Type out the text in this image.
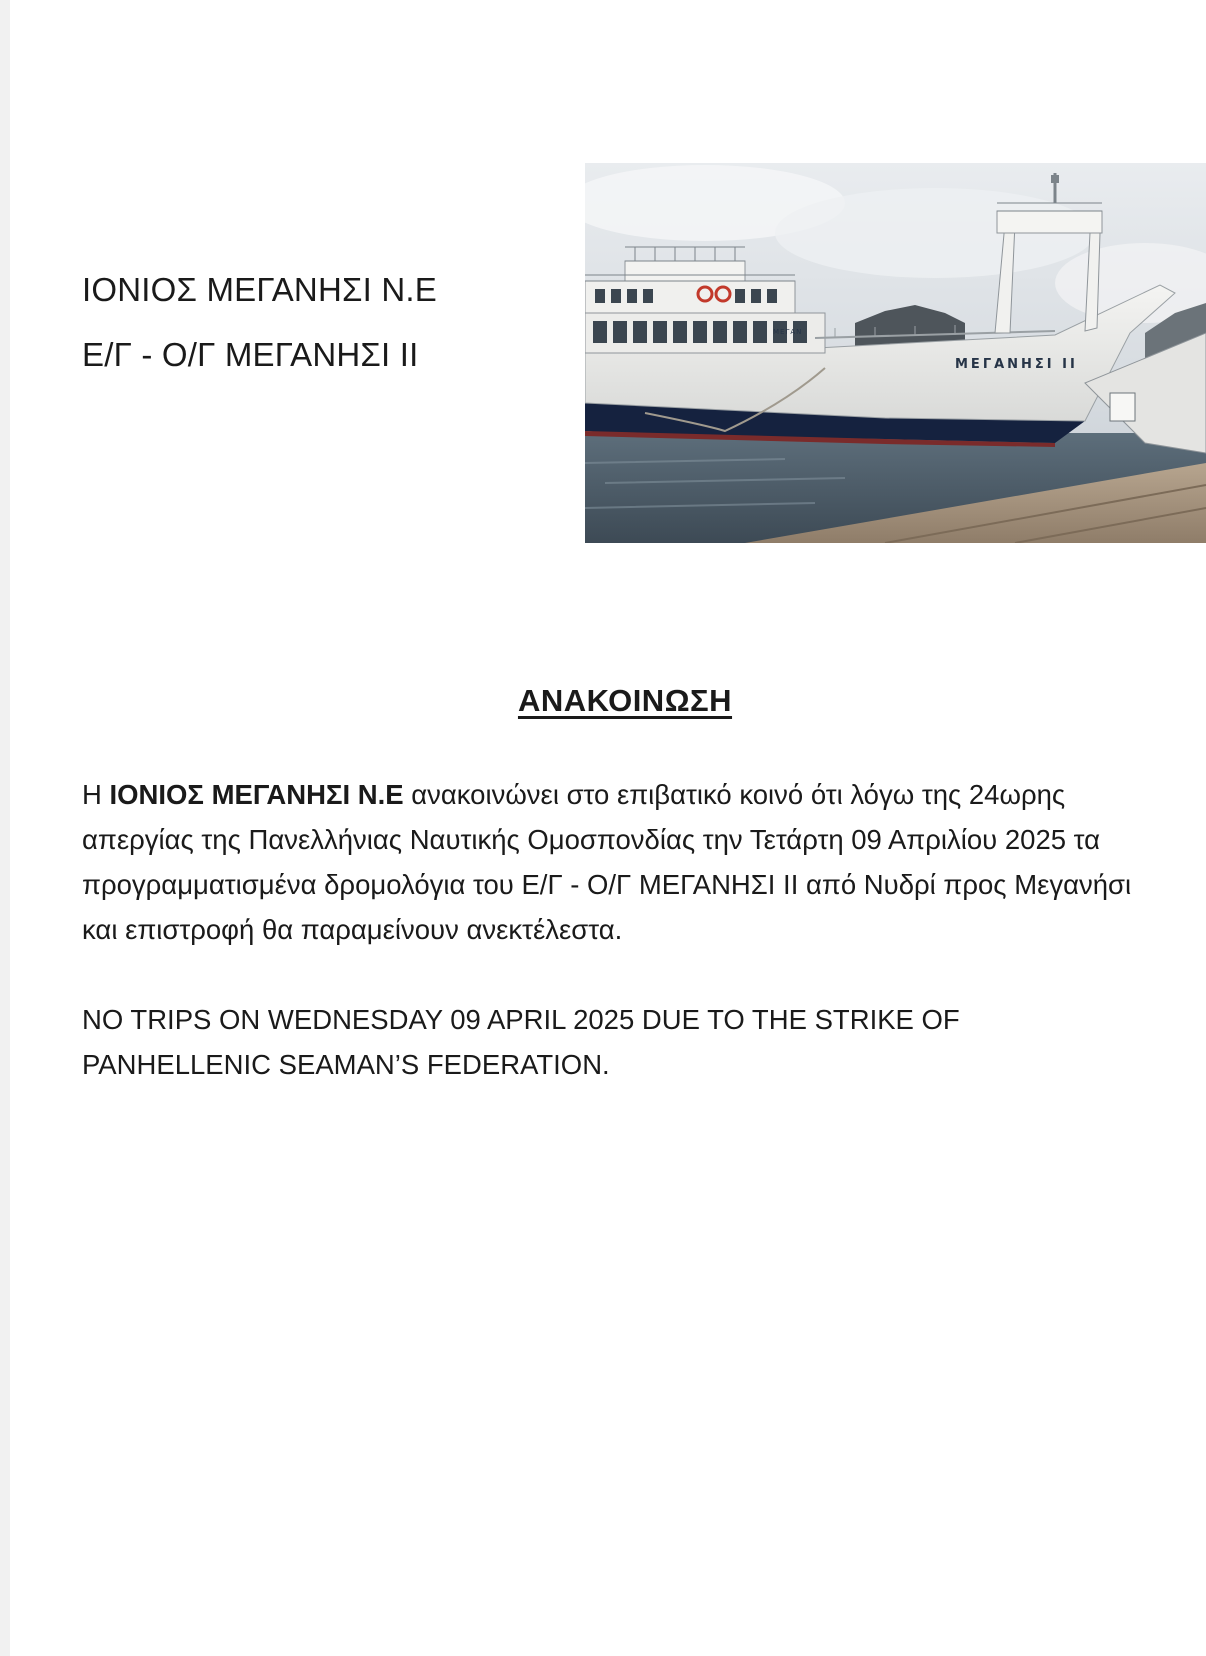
ΙΟΝΙΟΣ ΜΕΓΑΝΗΣΙ Ν.Ε
Ε/Γ - Ο/Γ ΜΕΓΑΝΗΣΙ ΙΙ	ΜΕΓΑΝΗΣΙ ΙΙ
ΜΕΓΑΝ
ΑΝΑΚΟΙΝΩΣΗ

Η ΙΟΝΙΟΣ ΜΕΓΑΝΗΣΙ Ν.Ε ανακοινώνει στο επιβατικό κοινό ότι λόγω της 24ωρης απεργίας της Πανελλήνιας Ναυτικής Ομοσπονδίας την Τετάρτη 09 Απριλίου 2025 τα προγραμματισμένα δρομολόγια του Ε/Γ - Ο/Γ ΜΕΓΑΝΗΣΙ ΙΙ από Νυδρί προς Μεγανήσι και επιστροφή θα παραμείνουν ανεκτέλεστα.

NO TRIPS ON WEDNESDAY 09 APRIL 2025 DUE TO THE STRIKE OF PANHELLENIC SEAMAN’S FEDERATION.
